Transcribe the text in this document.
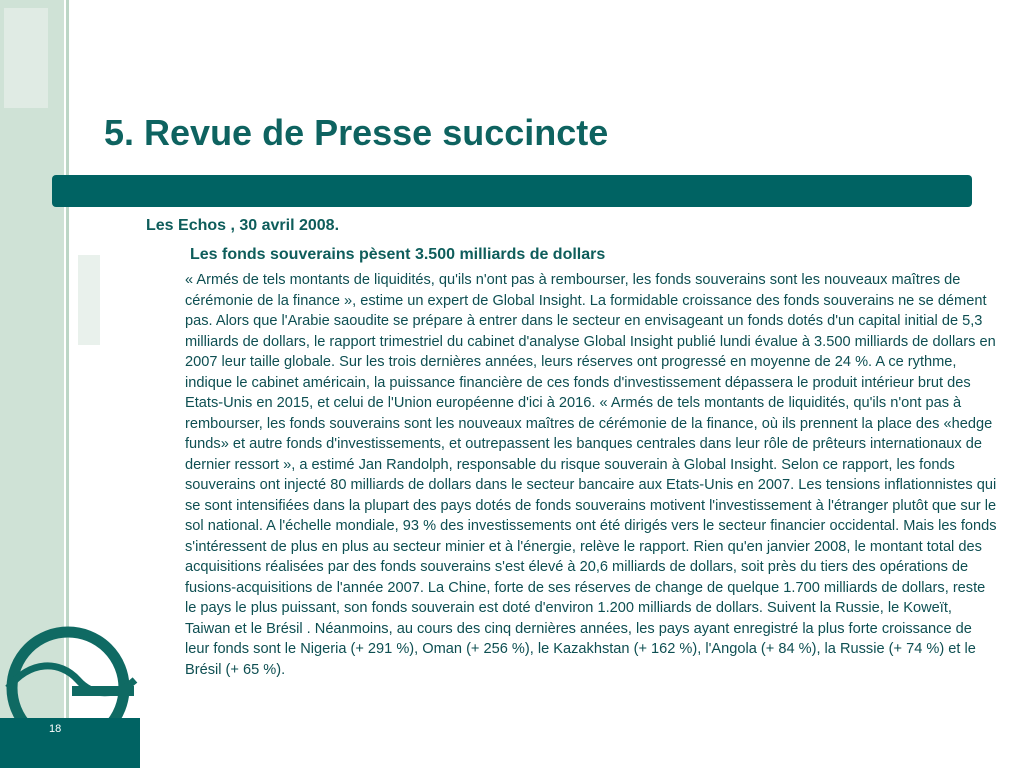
5. Revue de Presse succincte

Les Echos , 30 avril 2008.

Les fonds souverains pèsent 3.500 milliards de dollars

« Armés de tels montants de liquidités, qu'ils n'ont pas à rembourser, les fonds souverains sont les nouveaux maîtres de cérémonie de la finance », estime un expert de Global Insight. La formidable croissance des fonds souverains ne se dément pas. Alors que l'Arabie saoudite se prépare à entrer dans le secteur en envisageant un fonds dotés d'un capital initial de 5,3 milliards de dollars, le rapport trimestriel du cabinet d'analyse Global Insight publié lundi évalue à 3.500 milliards de dollars en 2007 leur taille globale. Sur les trois dernières années, leurs réserves ont progressé en moyenne de 24 %. A ce rythme, indique le cabinet américain, la puissance financière de ces fonds d'investissement dépassera le produit intérieur brut des Etats-Unis en 2015, et celui de l'Union européenne d'ici à 2016. « Armés de tels montants de liquidités, qu'ils n'ont pas à rembourser, les fonds souverains sont les nouveaux maîtres de cérémonie de la finance, où ils prennent la place des «hedge funds» et autre fonds d'investissements, et outrepassent les banques centrales dans leur rôle de prêteurs internationaux de dernier ressort », a estimé Jan Randolph, responsable du risque souverain à Global Insight. Selon ce rapport, les fonds souverains ont injecté 80 milliards de dollars dans le secteur bancaire aux Etats-Unis en 2007. Les tensions inflationnistes qui se sont intensifiées dans la plupart des pays dotés de fonds souverains motivent l'investissement à l'étranger plutôt que sur le sol national. A l'échelle mondiale, 93 % des investissements ont été dirigés vers le secteur financier occidental. Mais les fonds s'intéressent de plus en plus au secteur minier et à l'énergie, relève le rapport. Rien qu'en janvier 2008, le montant total des acquisitions réalisées par des fonds souverains s'est élevé à 20,6 milliards de dollars, soit près du tiers des opérations de fusions-acquisitions de l'année 2007. La Chine, forte de ses réserves de change de quelque 1.700 milliards de dollars, reste le pays le plus puissant, son fonds souverain est doté d'environ 1.200 milliards de dollars. Suivent la Russie, le Koweït, Taiwan et le Brésil . Néanmoins, au cours des cinq dernières années, les pays ayant enregistré la plus forte croissance de leur fonds sont le Nigeria (+ 291 %), Oman (+ 256 %), le Kazakhstan (+ 162 %), l'Angola (+ 84 %), la Russie (+ 74 %) et le Brésil (+ 65 %).

18
